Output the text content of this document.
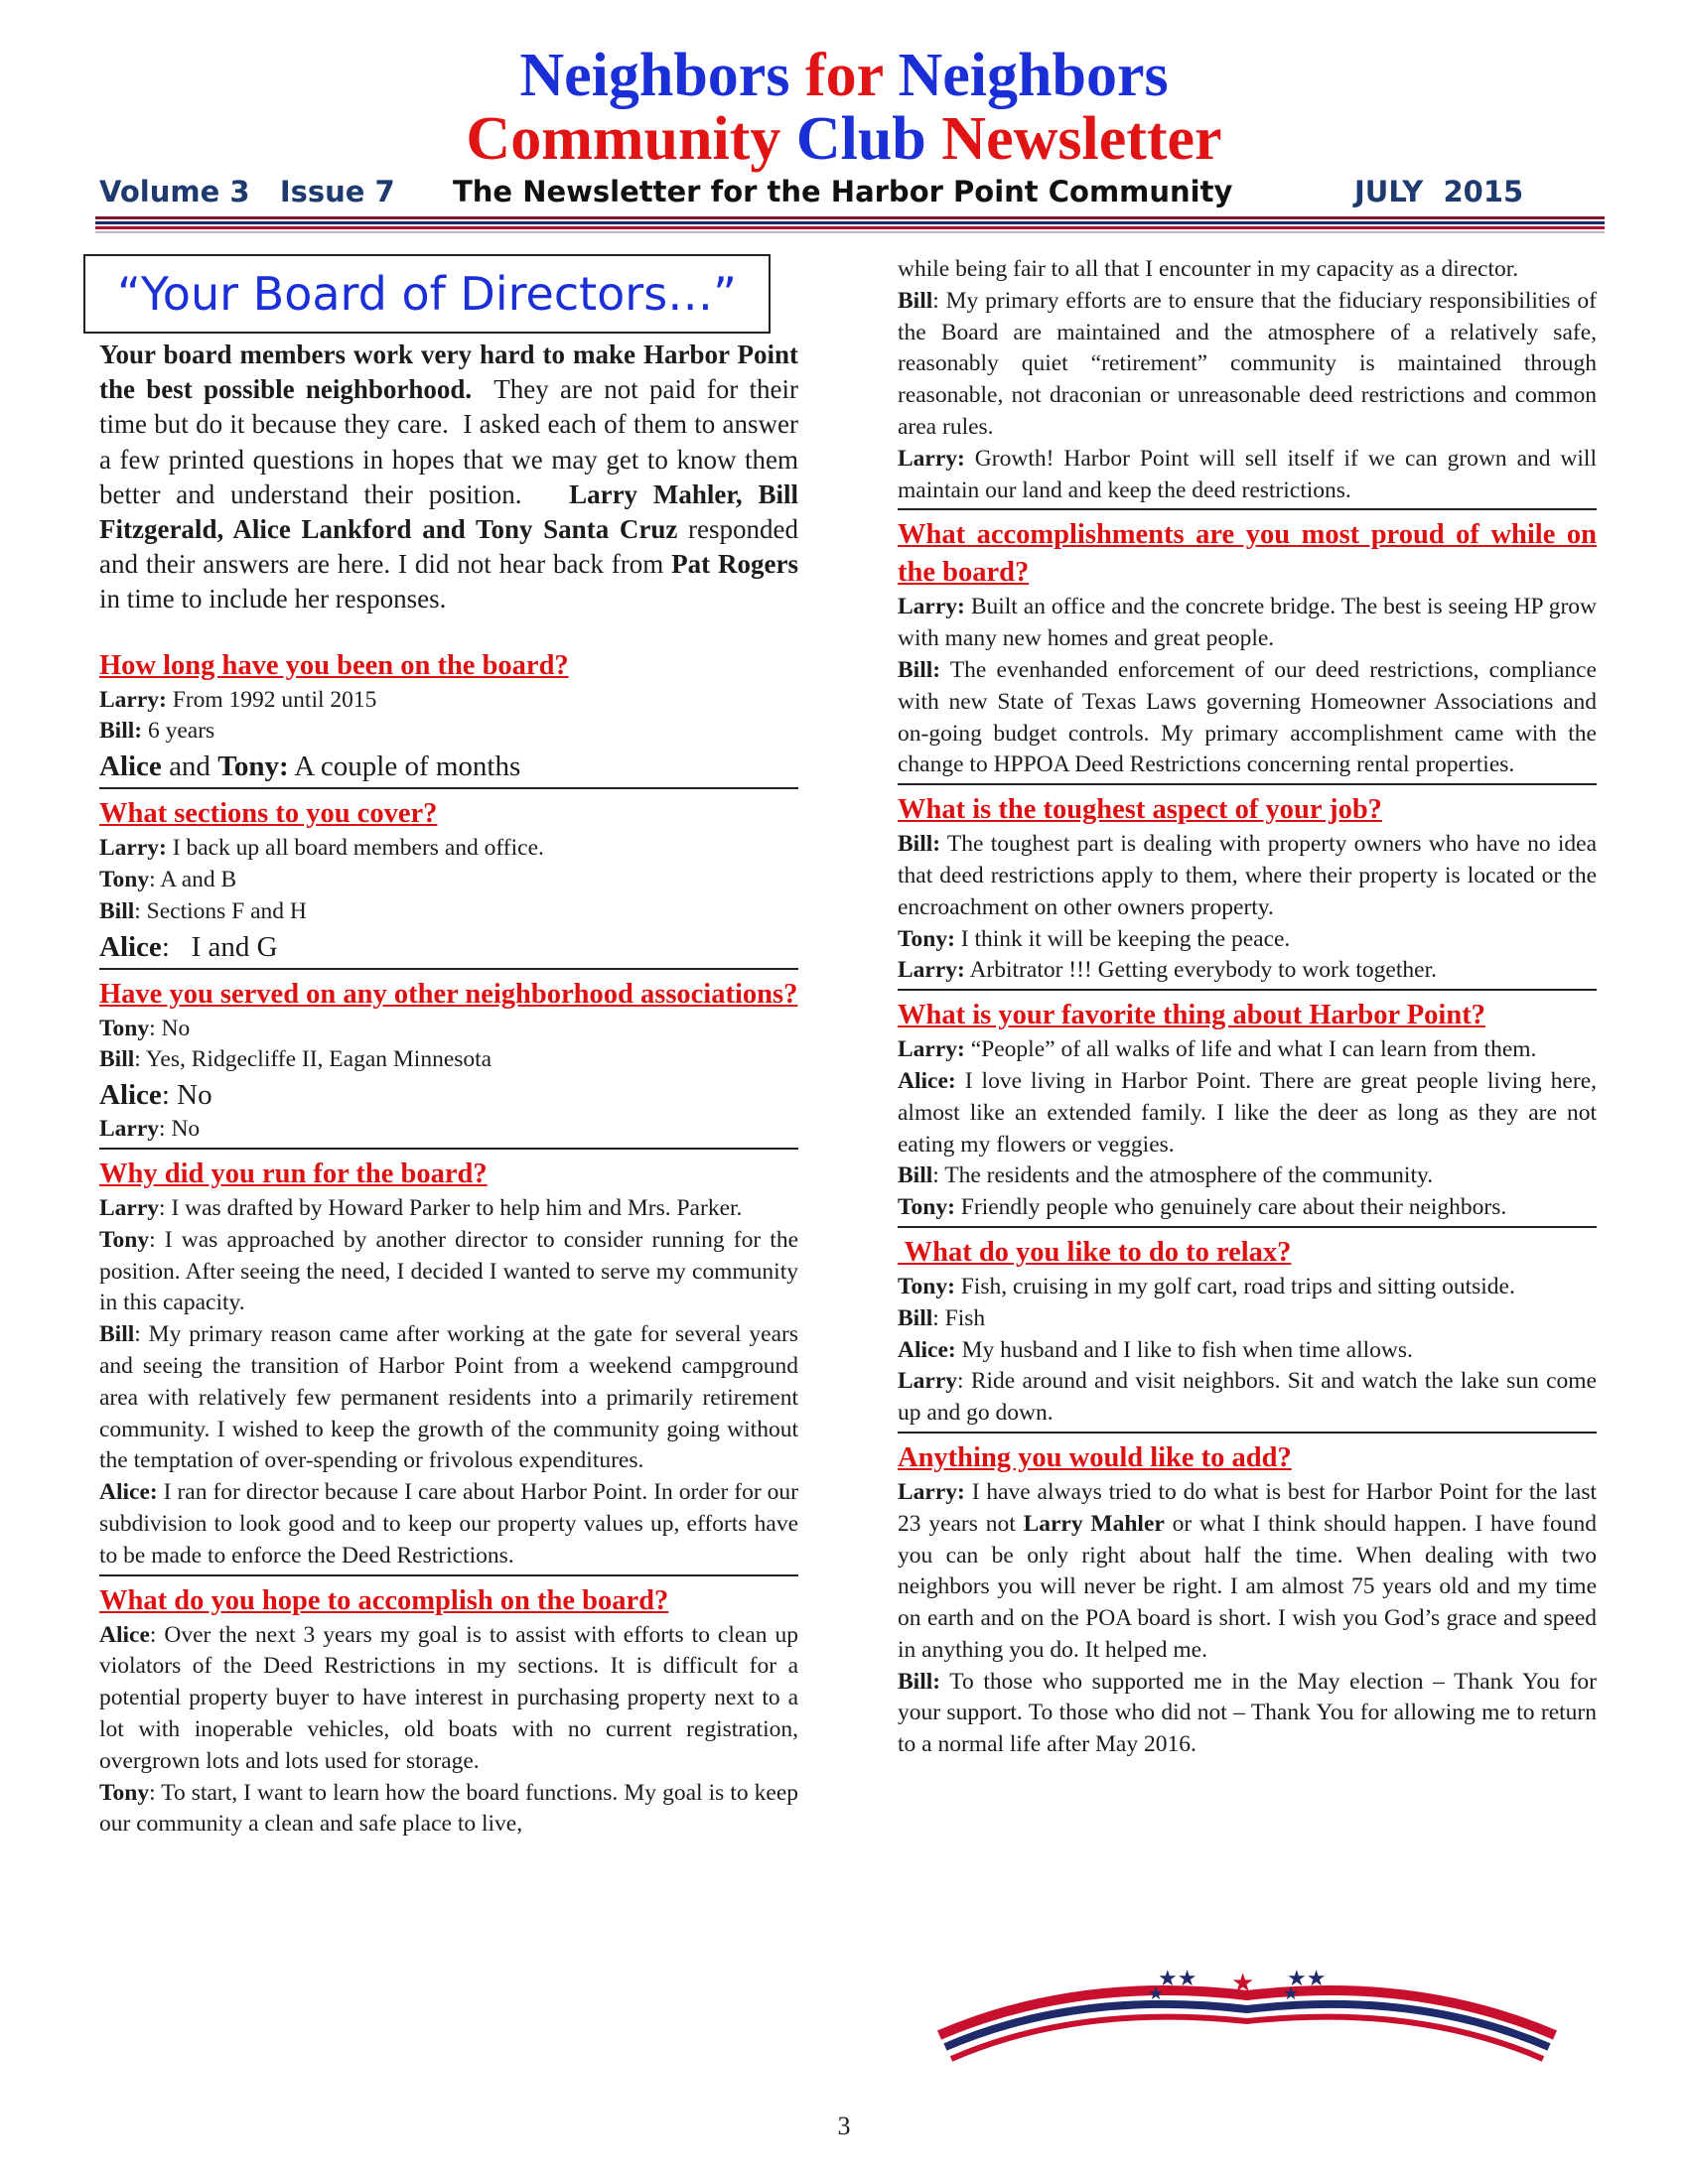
Neighbors for Neighbors
Community Club Newsletter
Volume 3   Issue 7 The Newsletter for the Harbor Point Community	JULY  2015
“Your Board of Directors…”
Your board members work very hard to make Harbor Point the best possible neighborhood.  They are not paid for their time but do it because they care.  I asked each of them to answer a few printed questions in hopes that we may get to know them better and understand their position.   Larry Mahler, Bill Fitzgerald, Alice Lankford and Tony Santa Cruz responded and their answers are here. I did not hear back from Pat Rogers in time to include her responses.
How long have you been on the board?

Larry: From 1992 until 2015

Bill: 6 years

Alice and Tony: A couple of months

What sections to you cover?

Larry: I back up all board members and office.

Tony: A and B

Bill: Sections F and H

Alice:   I and G

Have you served on any other neighborhood associations?

Tony: No

Bill: Yes, Ridgecliffe II, Eagan Minnesota

Alice: No

Larry: No

Why did you run for the board?

Larry: I was drafted by Howard Parker to help him and Mrs. Parker.

Tony: I was approached by another director to consider running for the position. After seeing the need, I decided I wanted to serve my community in this capacity.

Bill: My primary reason came after working at the gate for several years and seeing the transition of Harbor Point from a weekend campground area with relatively few permanent residents into a primarily retirement community. I wished to keep the growth of the community going without the temptation of over-spending or frivolous expenditures.

Alice: I ran for director because I care about Harbor Point. In order for our subdivision to look good and to keep our property values up, efforts have to be made to enforce the Deed Restrictions.

What do you hope to accomplish on the board?

Alice: Over the next 3 years my goal is to assist with efforts to clean up violators of the Deed Restrictions in my sections. It is difficult for a potential property buyer to have interest in purchasing property next to a lot with inoperable vehicles, old boats with no current registration, overgrown lots and lots used for storage.

Tony: To start, I want to learn how the board functions. My goal is to keep our community a clean and safe place to live,

while being fair to all that I encounter in my capacity as a director.

Bill: My primary efforts are to ensure that the fiduciary responsibilities of the Board are maintained and the atmosphere of a relatively safe, reasonably quiet “retirement” community is maintained through reasonable, not draconian or unreasonable deed restrictions and common area rules.

Larry: Growth! Harbor Point will sell itself if we can grown and will maintain our land and keep the deed restrictions.

What accomplishments are you most proud of while on the board?

Larry: Built an office and the concrete bridge. The best is seeing HP grow with many new homes and great people.

Bill: The evenhanded enforcement of our deed restrictions, compliance with new State of Texas Laws governing Homeowner Associations and on-going budget controls. My primary accomplishment came with the change to HPPOA Deed Restrictions concerning rental properties.

What is the toughest aspect of your job?

Bill: The toughest part is dealing with property owners who have no idea that deed restrictions apply to them, where their property is located or the encroachment on other owners property.

Tony: I think it will be keeping the peace.

Larry: Arbitrator !!! Getting everybody to work together.

What is your favorite thing about Harbor Point?

Larry: “People” of all walks of life and what I can learn from them.

Alice: I love living in Harbor Point. There are great people living here, almost like an extended family. I like the deer as long as they are not eating my flowers or veggies.

Bill: The residents and the atmosphere of the community.

Tony: Friendly people who genuinely care about their neighbors.

What do you like to do to relax?

Tony: Fish, cruising in my golf cart, road trips and sitting outside.

Bill: Fish

Alice: My husband and I like to fish when time allows.

Larry: Ride around and visit neighbors. Sit and watch the lake sun come up and go down.

Anything you would like to add?

Larry: I have always tried to do what is best for Harbor Point for the last 23 years not Larry Mahler or what I think should happen. I have found you can be only right about half the time. When dealing with two neighbors you will never be right. I am almost 75 years old and my time on earth and on the POA board is short. I wish you God’s grace and speed in anything you do. It helped me.

Bill: To those who supported me in the May election – Thank You for your support. To those who did not – Thank You for allowing me to return to a normal life after May 2016.

★★
★	★ ★★
★
3
